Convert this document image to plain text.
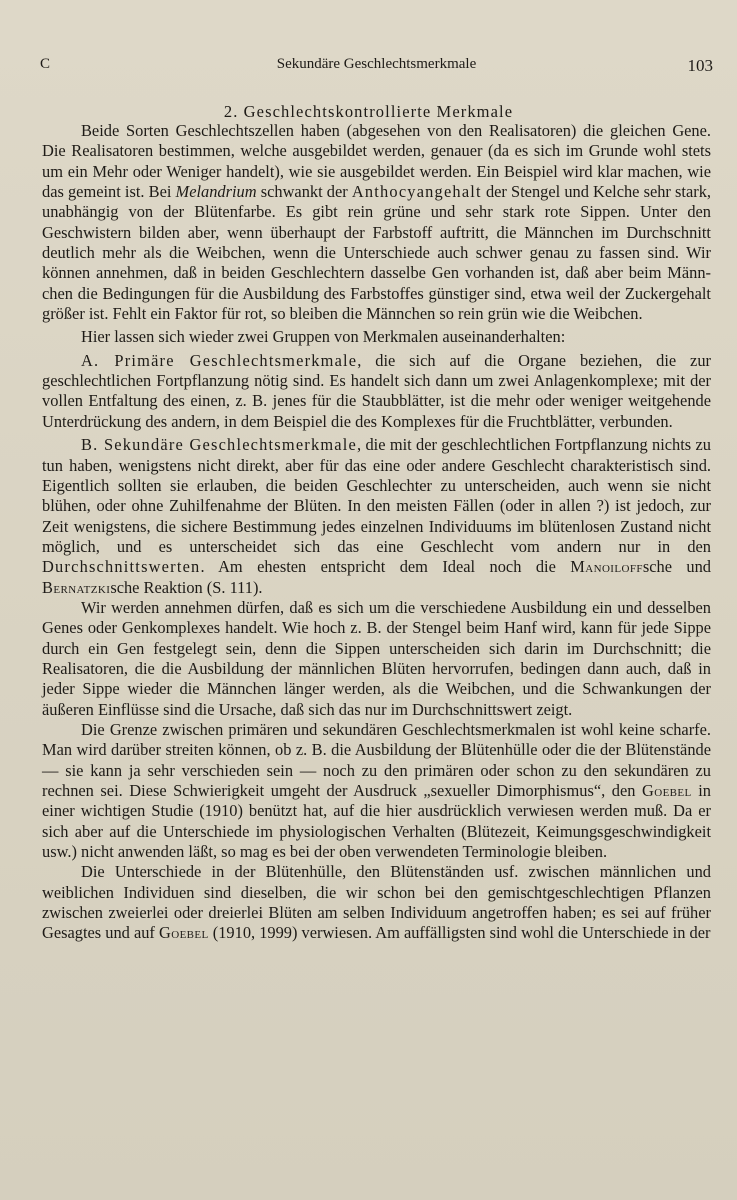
C	Sekundäre Geschlechtsmerkmale	103
2. Geschlechtskontrollierte Merkmale

Beide Sorten Geschlechtszellen haben (abgesehen von den Realisatoren) die gleichen Gene. Die Realisatoren bestimmen, welche ausgebildet werden, genauer (da es sich im Grunde wohl stets um ein Mehr oder Weniger handelt), wie sie ausgebildet werden. Ein Beispiel wird klar machen, wie das gemeint ist. Bei Melandrium schwankt der Anthocyangehalt der Stengel und Kelche sehr stark, unabhängig von der Blütenfarbe. Es gibt rein grüne und sehr stark rote Sippen. Unter den Geschwistern bilden aber, wenn überhaupt der Farbstoff auftritt, die Männchen im Durchschnitt deutlich mehr als die Weibchen, wenn die Unterschiede auch schwer genau zu fassen sind. Wir können annehmen, daß in beiden Geschlechtern dasselbe Gen vorhanden ist, daß aber beim Männchen die Bedingungen für die Ausbildung des Farbstoffes günstiger sind, etwa weil der Zuckergehalt größer ist. Fehlt ein Faktor für rot, so bleiben die Männchen so rein grün wie die Weibchen.

Hier lassen sich wieder zwei Gruppen von Merkmalen auseinanderhalten:

A. Primäre Geschlechtsmerkmale, die sich auf die Organe beziehen, die zur geschlechtlichen Fortpflanzung nötig sind. Es handelt sich dann um zwei Anlagenkomplexe; mit der vollen Entfaltung des einen, z. B. jenes für die Staubblätter, ist die mehr oder weniger weitgehende Unterdrückung des andern, in dem Beispiel die des Komplexes für die Fruchtblätter, verbunden.

B. Sekundäre Geschlechtsmerkmale, die mit der geschlechtlichen Fortpflanzung nichts zu tun haben, wenigstens nicht direkt, aber für das eine oder andere Geschlecht charakteristisch sind. Eigentlich sollten sie erlauben, die beiden Geschlechter zu unterscheiden, auch wenn sie nicht blühen, oder ohne Zuhilfenahme der Blüten. In den meisten Fällen (oder in allen ?) ist jedoch, zur Zeit wenigstens, die sichere Bestimmung jedes einzelnen Individuums im blütenlosen Zustand nicht möglich, und es unterscheidet sich das eine Geschlecht vom andern nur in den Durchschnittswerten. Am ehesten entspricht dem Ideal noch die Manoiloffsche und Bernatzkische Reaktion (S. 111).

Wir werden annehmen dürfen, daß es sich um die verschiedene Ausbildung ein und desselben Genes oder Genkomplexes handelt. Wie hoch z. B. der Stengel beim Hanf wird, kann für jede Sippe durch ein Gen festgelegt sein, denn die Sippen unterscheiden sich darin im Durchschnitt; die Realisatoren, die die Ausbildung der männlichen Blüten hervorrufen, bedingen dann auch, daß in jeder Sippe wieder die Männchen länger werden, als die Weibchen, und die Schwankungen der äußeren Einflüsse sind die Ursache, daß sich das nur im Durchschnittswert zeigt.

Die Grenze zwischen primären und sekundären Geschlechtsmerkmalen ist wohl keine scharfe. Man wird darüber streiten können, ob z. B. die Ausbildung der Blütenhülle oder die der Blütenstände — sie kann ja sehr verschieden sein — noch zu den primären oder schon zu den sekundären zu rechnen sei. Diese Schwierigkeit umgeht der Ausdruck „sexueller Dimorphismus“, den Goebel in einer wichtigen Studie (1910) benützt hat, auf die hier ausdrücklich verwiesen werden muß. Da er sich aber auf die Unterschiede im physiologischen Verhalten (Blütezeit, Keimungsgeschwindigkeit usw.) nicht anwenden läßt, so mag es bei der oben verwendeten Terminologie bleiben.

Die Unterschiede in der Blütenhülle, den Blütenständen usf. zwischen männlichen und weiblichen Individuen sind dieselben, die wir schon bei den gemischtgeschlechtigen Pflanzen zwischen zweierlei oder dreierlei Blüten am selben Individuum angetroffen haben; es sei auf früher Gesagtes und auf Goebel (1910, 1999) verwiesen. Am auffälligsten sind wohl die Unterschiede in der
